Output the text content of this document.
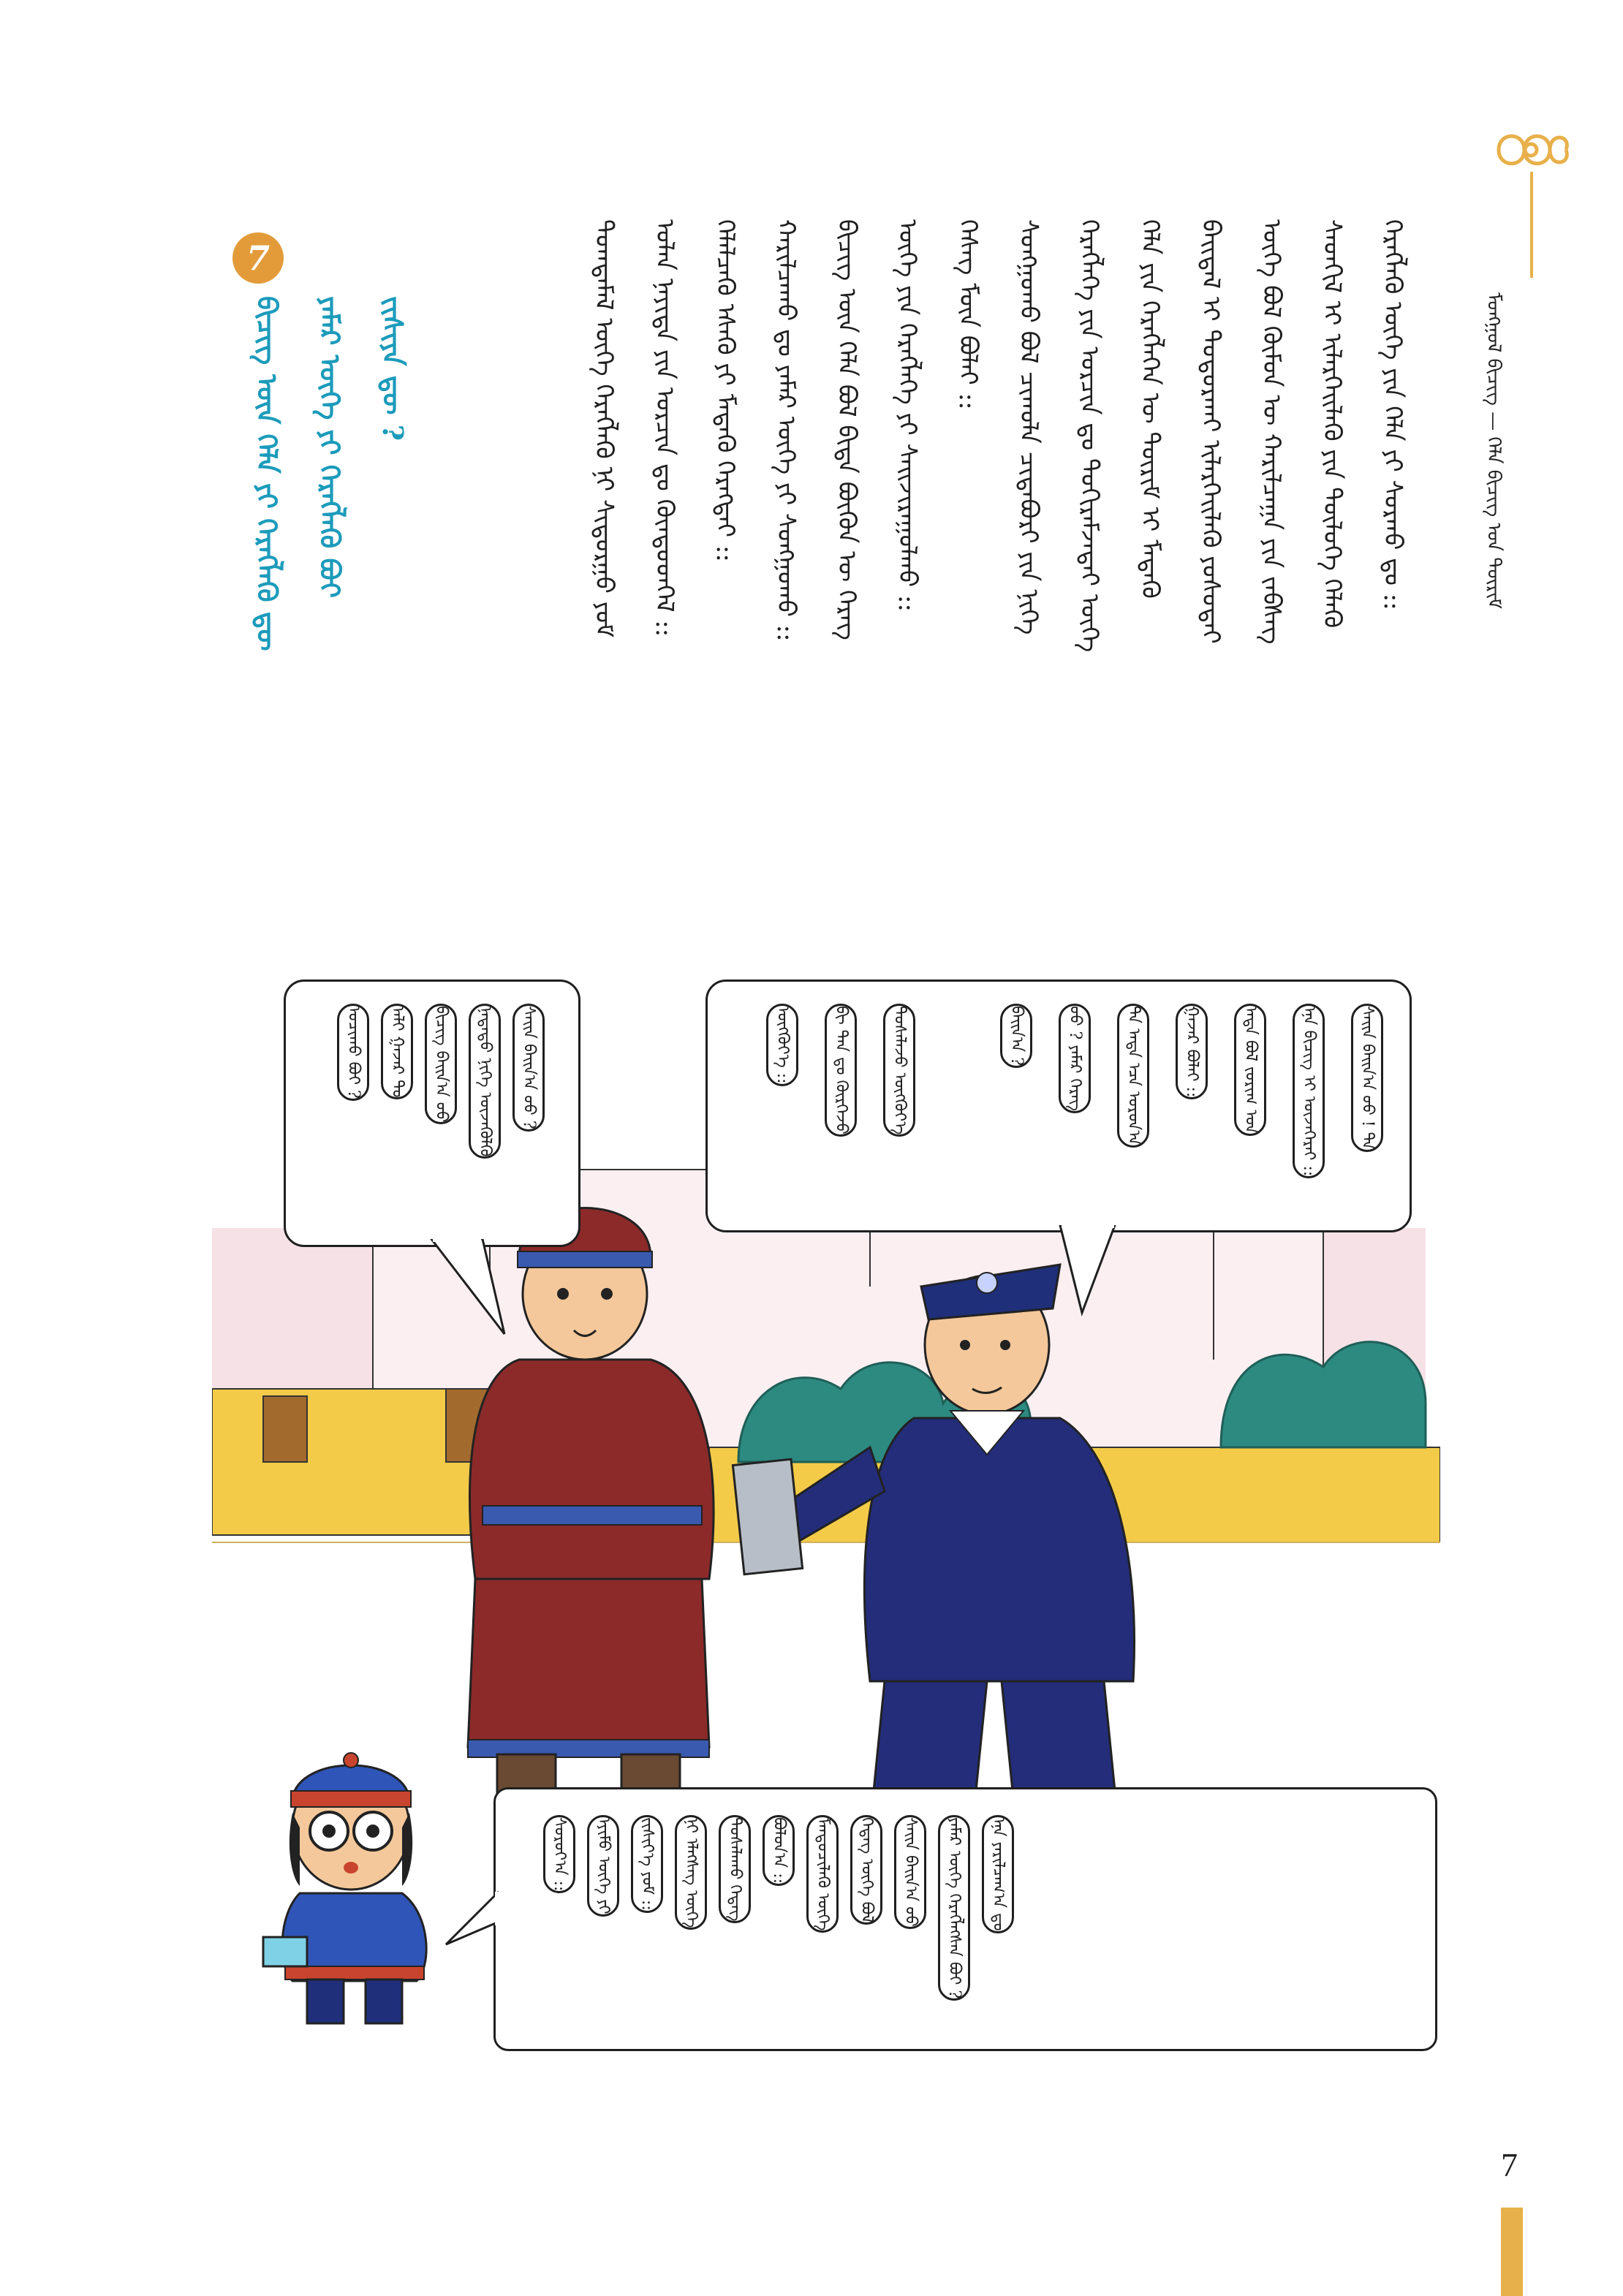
ᠮᠣᠩᠭᠣᠯ ᠪᠢᠴᠢᠭ — ᠬᠡᠯᠡ ᠪᠢᠴᠢᠭ ᠤᠨ ᠳᠦᠷᠢᠮ
ᠬᠡᠷᠡᠭᠯᠡᠬᠦ ᠦᠭᠡ ᠶᠢᠨ ᠬᠡᠯᠡ ᠶᠢ ᠰᠤᠷᠬᠤ ᠳᠤ ::
ᠰᠡᠳᠬᠢᠯ ᠢ ᠢᠯᠡᠷᠬᠡᠢᠯᠡᠬᠦ ᠶᠢᠨ ᠲᠥᠯᠥᠭᠡ ᠬᠡᠯᠡᠬᠦ
ᠦᠭᠡ ᠪᠣᠯ ᠬᠦᠮᠦᠨ ᠦ ᠬᠠᠷᠢᠯᠴᠠᠭᠠ ᠶᠢᠨ ᠵᠡᠪᠰᠡᠭ
ᠪᠠᠢᠳᠠᠯ ᠢ ᠲᠣᠳᠣᠷᠬᠠᠢ ᠢᠯᠡᠷᠬᠡᠢᠯᠡᠬᠦ ᠶᠣᠰᠣᠲᠠᠢ
ᠬᠡᠯᠡ ᠶᠢᠨ ᠬᠡᠷᠡᠭᠯᠡᠭᠡᠨ ᠦ ᠳᠦᠷᠢᠮ ᠢ ᠮᠡᠳᠡᠬᠦ
ᠬᠡᠷᠡᠭᠯᠡᠭᠡ ᠶᠢᠨ ᠣᠷᠴᠢᠨ ᠳᠤ ᠲᠣᠬᠢᠷᠠᠮᠵᠠᠲᠠᠢ ᠦᠭᠡ
ᠰᠣᠩᠭᠣᠬᠤ ᠪᠣᠯ ᠴᠢᠬᠤᠯᠠ ᠴᠢᠳᠠᠪᠤᠷᠢ ᠶᠢᠨ ᠨᠢᠭᠡ
ᠬᠡᠰᠡᠭ ᠮᠥᠨ ᠪᠣᠯᠠᠢ ::
ᠦᠭᠡ ᠶᠢᠨ ᠬᠡᠷᠡᠭᠯᠡᠭᠡ ᠶᠢ ᠰᠠᠢᠵᠢᠷᠠᠭᠤᠯᠬᠤ ::
ᠪᠢᠴᠢᠭ᠌ ᠦᠨ ᠬᠡᠯᠡ ᠪᠣᠯ ᠪᠢᠳᠡ ᠪᠦᠬᠦᠨ ᠦ ᠬᠡᠷᠡᠭ
ᠬᠠᠷᠢᠯᠴᠠᠬᠤ ᠳᠤ ᠶᠠᠮᠠᠷ ᠦᠭᠡ ᠶᠢ ᠰᠣᠩᠭᠣᠬᠤ ::
ᠬᠡᠯᠡᠯᠴᠡᠬᠦ ᠡᠰᠡᠬᠦ ᠶᠢ ᠮᠡᠳᠡᠬᠦ ᠬᠡᠷᠡᠭᠲᠡᠢ ::
ᠣᠯᠠᠨ ᠨᠡᠶᠢᠲᠡ ᠶᠢᠨ ᠣᠷᠴᠢᠨ ᠳᠤ ᠬᠦᠨᠳᠦᠳᠬᠡᠯ ::
ᠲᠣᠭᠲᠠᠮᠠᠯ ᠦᠭᠡ ᠬᠡᠷᠡᠭᠯᠡᠬᠦ ᠨᠢ ᠰᠢᠳᠤᠷᠭᠤ ᠶᠤᠮ
7
ᠪᠢᠴᠢᠭ᠌ ᠦᠨ ᠬᠡᠯᠡ ᠶᠢ ᠬᠡᠷᠡᠭᠯᠡᠬᠦ ᠳᠦ ᠶᠠᠮᠠᠷ ᠦᠭᠡ ᠶᠢ ᠬᠡᠷᠡᠭᠯᠡᠬᠦ ᠪᠤᠢ ᠵᠢᠱᠢᠶᠡ ᠳᠦ ?
ᠰᠠᠢᠨ ᠪᠠᠢᠨ᠎ᠠ ᠤᠤ ?
ᠨᠠᠳᠠᠳᠤ ᠨᠢᠭᠡ ᠦᠵᠡᠭᠦᠯᠬᠦ
ᠪᠢᠴᠢᠭ ᠪᠠᠢᠨ᠎ᠠ ᠤᠤ
ᠠᠯᠢ ᠭᠠᠵᠠᠷ ᠲᠤ
ᠣᠴᠢᠬᠤ ᠪᠤᠢ ?	ᠰᠠᠢᠨ ᠪᠠᠢᠨ᠎ᠠ ᠤᠤ ! ᠲᠠ
ᠡᠨᠡ ᠪᠢᠴᠢᠭ ᠢ ᠦᠵᠡᠭᠡᠷᠡᠢ ::
ᠡᠨᠳᠡ ᠪᠣᠯ ᠵᠣᠷᠢᠭ ᠤᠨ
ᠭᠠᠵᠠᠷ ᠪᠣᠯᠠᠢ ::
ᠲᠠ ᠡᠨᠳᠡ ᠡᠴᠡ ᠣᠷᠣᠨ᠎ᠠ
ᠤᠤ ? ᠶᠠᠮᠠᠷ ᠬᠡᠷᠡᠭ
ᠪᠠᠢᠨ᠎ᠠ ?
ᠲᠤᠰᠠᠯᠠᠵᠤ ᠦᠭᠭᠦᠶ᠎ᠡ
ᠪᠢ ᠲᠠᠨ ᠳᠤ ᠬᠦᠷᠭᠡᠵᠦ
ᠦᠭᠭᠦᠶ᠎ᠡ ::
ᠡᠨᠡ ᠶᠠᠷᠢᠯᠴᠠᠭ᠎ᠠ ᠳᠤ
ᠶᠠᠮᠠᠷ ᠦᠭᠡ ᠬᠡᠷᠡᠭᠯᠡᠭᠰᠡᠨ ᠪᠤᠢ ?
ᠰᠠᠢᠨ ᠪᠠᠢᠨ᠎ᠠ ᠤᠤ
ᠭᠡᠳᠡᠭ ᠦᠭᠡ ᠪᠣᠯ
ᠮᠡᠨᠳᠦᠴᠢᠯᠡᠬᠦ ᠦᠭᠡ
ᠪᠣᠯᠤᠨ᠎ᠠ ::
ᠲᠤᠰᠠᠯᠠᠬᠤ ᠭᠡᠳᠡᠭ
ᠨᠢ ᠡᠯᠡᠭᠰᠡᠭ ᠦᠭᠡ
ᠵᠢᠱᠢᠶ᠎ᠡ ᠶᠤᠮ ::
ᠡᠶᠢᠮᠦ ᠦᠭᠡ ᠶᠢ
ᠰᠤᠷᠤᠶ᠎ᠠ ::
7
